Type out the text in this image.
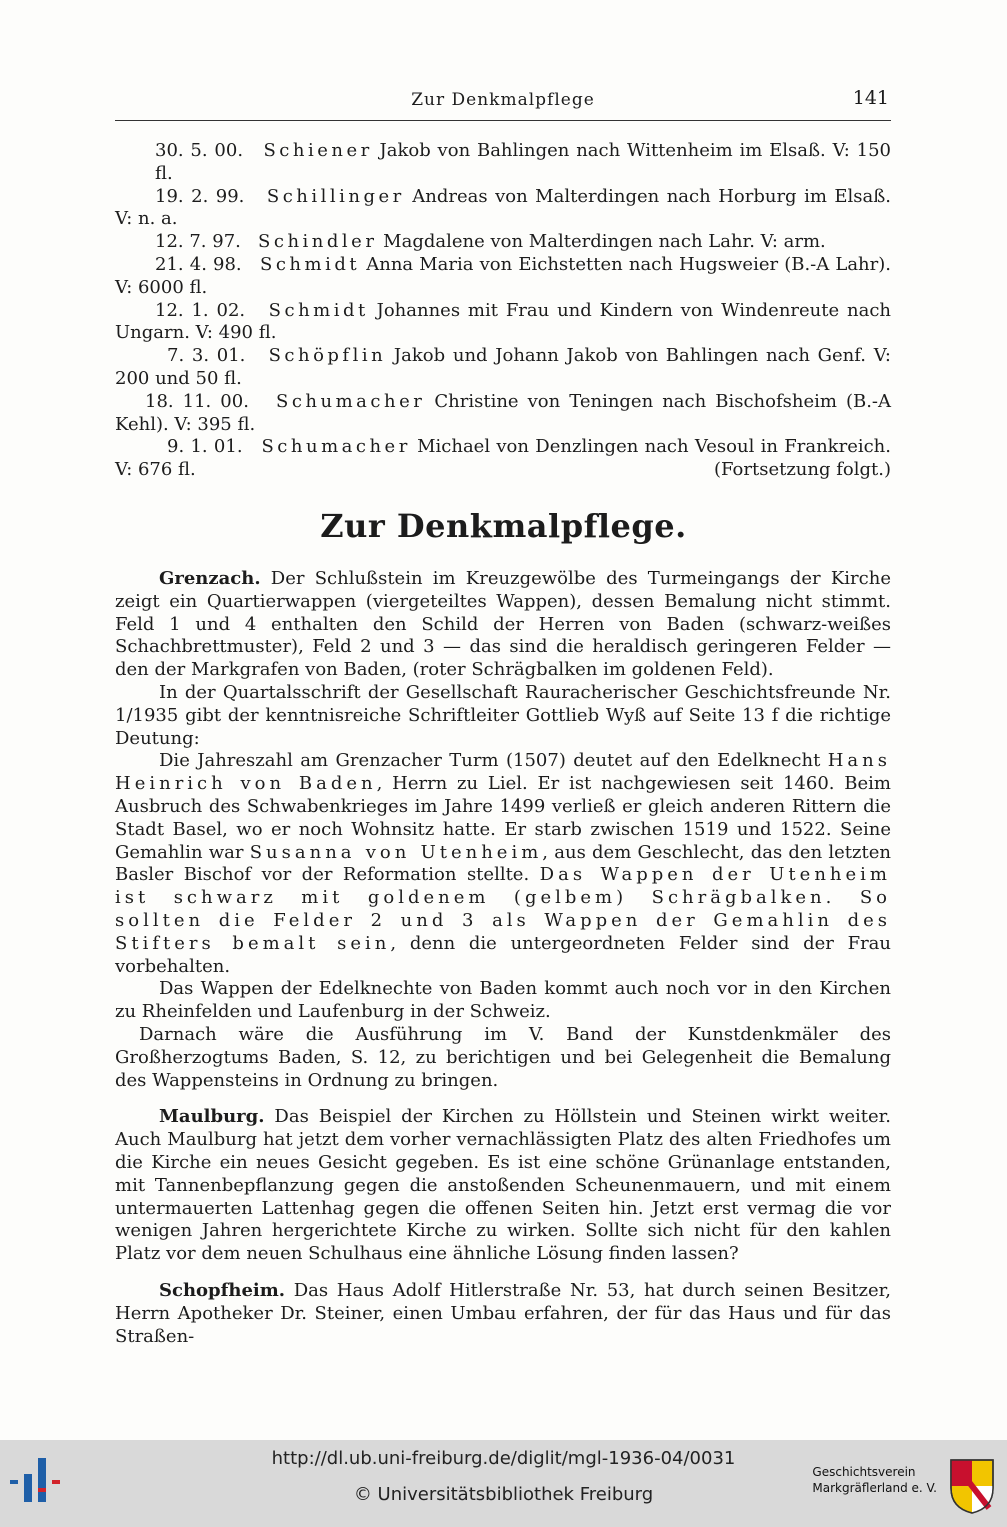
Zur Denkmalpflege	141

30. 5. 00. Schiener Jakob von Bahlingen nach Wittenheim im Elsaß. V: 150 fl.

19. 2. 99. Schillinger Andreas von Malterdingen nach Horburg im Elsaß. V: n. a.

12. 7. 97. Schindler Magdalene von Malterdingen nach Lahr. V: arm.

21. 4. 98. Schmidt Anna Maria von Eichstetten nach Hugsweier (B.-A Lahr). V: 6000 fl.

12. 1. 02. Schmidt Johannes mit Frau und Kindern von Windenreute nach Ungarn. V: 490 fl.

7. 3. 01. Schöpflin Jakob und Johann Jakob von Bahlingen nach Genf. V: 200 und 50 fl.

18. 11. 00. Schumacher Christine von Teningen nach Bischofsheim (B.-A Kehl). V: 395 fl.

9. 1. 01. Schumacher Michael von Denzlingen nach Vesoul in Frankreich. V: 676 fl.	(Fortsetzung folgt.)

Zur Denkmalpflege.

Grenzach. Der Schlußstein im Kreuzgewölbe des Turmeingangs der Kirche zeigt ein Quartierwappen (viergeteiltes Wappen), dessen Bemalung nicht stimmt. Feld 1 und 4 enthalten den Schild der Herren von Baden (schwarz-weißes Schachbrettmuster), Feld 2 und 3 — das sind die heraldisch geringeren Felder — den der Markgrafen von Baden, (roter Schrägbalken im goldenen Feld).

In der Quartalsschrift der Gesellschaft Rauracherischer Geschichtsfreunde Nr. 1/1935 gibt der kenntnisreiche Schriftleiter Gottlieb Wyß auf Seite 13 f die richtige Deutung:

Die Jahreszahl am Grenzacher Turm (1507) deutet auf den Edelknecht Hans Heinrich von Baden, Herrn zu Liel. Er ist nachgewiesen seit 1460. Beim Ausbruch des Schwabenkrieges im Jahre 1499 verließ er gleich anderen Rittern die Stadt Basel, wo er noch Wohnsitz hatte. Er starb zwischen 1519 und 1522. Seine Gemahlin war Susanna von Utenheim, aus dem Geschlecht, das den letzten Basler Bischof vor der Reformation stellte. Das Wappen der Utenheim ist schwarz mit goldenem (gelbem) Schrägbalken. So sollten die Felder 2 und 3 als Wappen der Gemahlin des Stifters bemalt sein, denn die untergeordneten Felder sind der Frau vorbehalten.

Das Wappen der Edelknechte von Baden kommt auch noch vor in den Kirchen zu Rheinfelden und Laufenburg in der Schweiz.

Darnach wäre die Ausführung im V. Band der Kunstdenkmäler des Großherzogtums Baden, S. 12, zu berichtigen und bei Gelegenheit die Bemalung des Wappensteins in Ordnung zu bringen.

Maulburg. Das Beispiel der Kirchen zu Höllstein und Steinen wirkt weiter. Auch Maulburg hat jetzt dem vorher vernachlässigten Platz des alten Friedhofes um die Kirche ein neues Gesicht gegeben. Es ist eine schöne Grünanlage entstanden, mit Tannenbepflanzung gegen die anstoßenden Scheunenmauern, und mit einem untermauerten Lattenhag gegen die offenen Seiten hin. Jetzt erst vermag die vor wenigen Jahren hergerichtete Kirche zu wirken. Sollte sich nicht für den kahlen Platz vor dem neuen Schulhaus eine ähnliche Lösung finden lassen?

Schopfheim. Das Haus Adolf Hitlerstraße Nr. 53, hat durch seinen Besitzer, Herrn Apotheker Dr. Steiner, einen Umbau erfahren, der für das Haus und für das Straßen-

http://dl.ub.uni-freiburg.de/diglit/mgl-1936-04/0031
© Universitätsbibliothek Freiburg
Geschichtsverein
Markgräflerland e. V.
